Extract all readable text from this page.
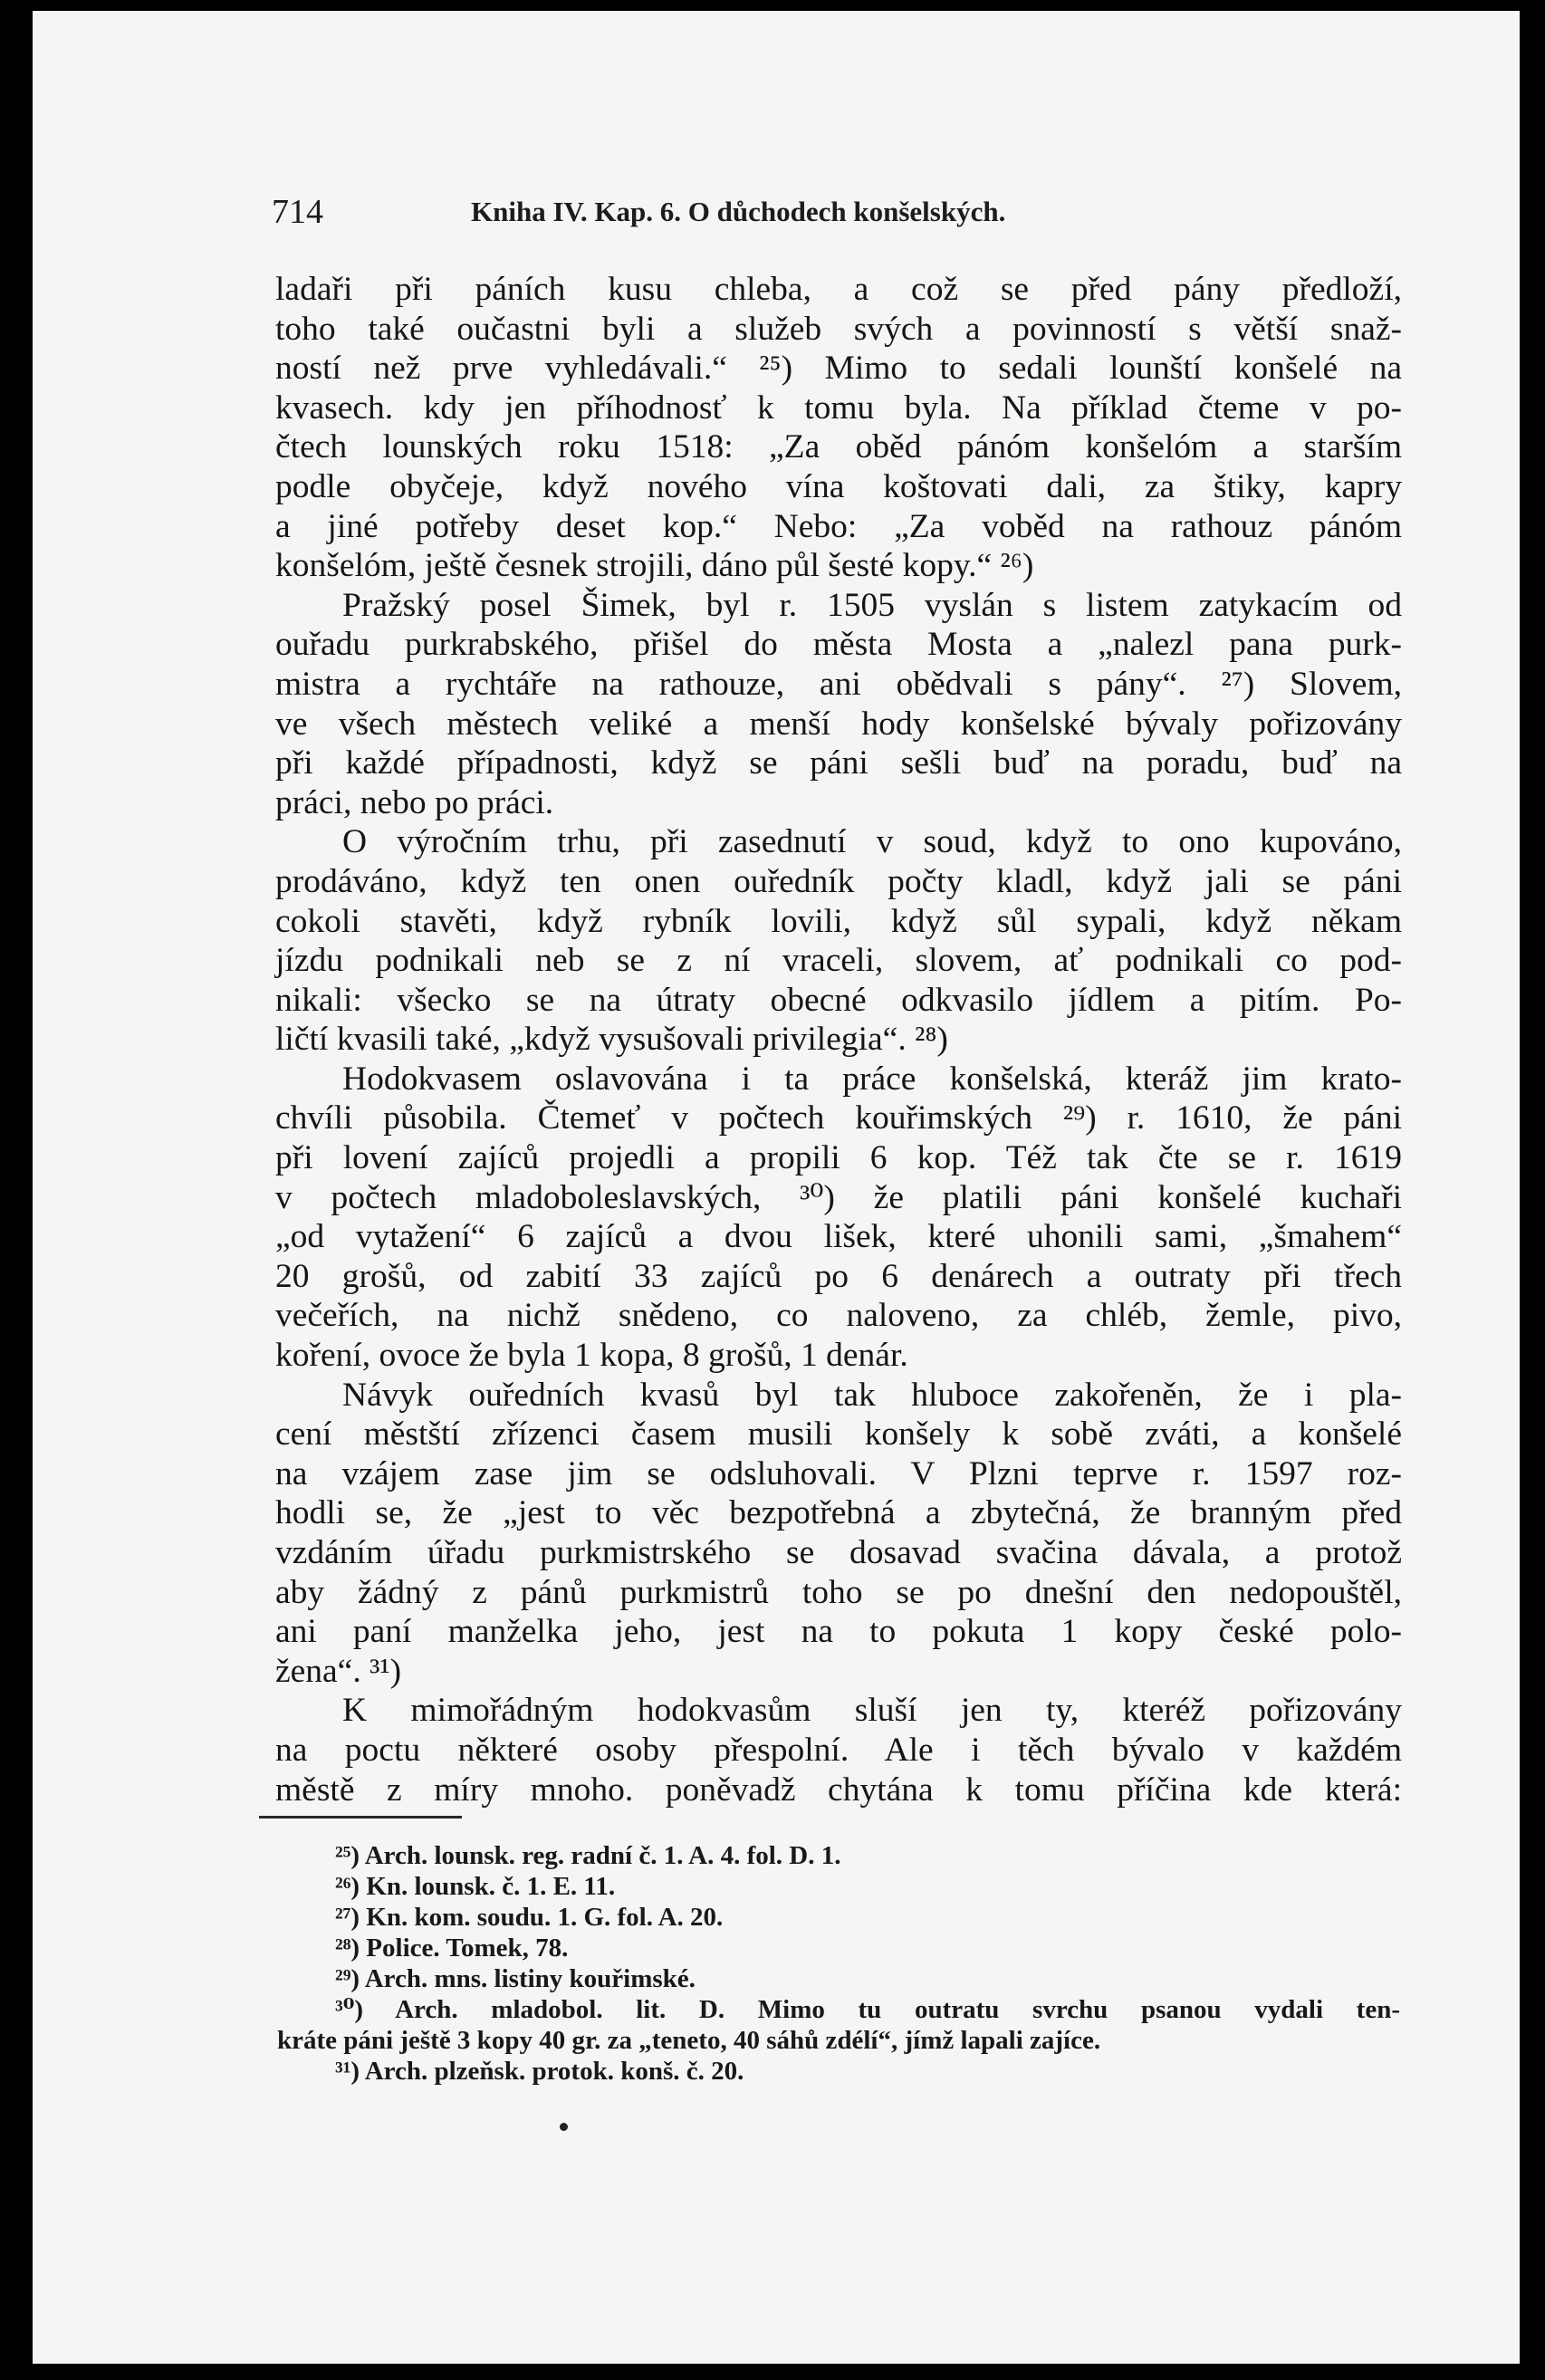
714	Kniha IV. Kap. 6. O důchodech konšelských.
ladaři při páních kusu chleba, a což se před pány předloží,
toho také oučastni byli a služeb svých a povinností s větší snaž-
ností než prve vyhledávali.“ ²⁵) Mimo to sedali lounští konšelé na
kvasech. kdy jen příhodnosť k tomu byla. Na příklad čteme v po-
čtech lounských roku 1518: „Za oběd pánóm konšelóm a starším
podle obyčeje, když nového vína koštovati dali, za štiky, kapry
a jiné potřeby deset kop.“ Nebo: „Za voběd na rathouz pánóm
konšelóm, ještě česnek strojili, dáno půl šesté kopy.“ ²⁶)
Pražský posel Šimek, byl r. 1505 vyslán s listem zatykacím od
ouřadu purkrabského, přišel do města Mosta a „nalezl pana purk-
mistra a rychtáře na rathouze, ani obědvali s pány“. ²⁷) Slovem,
ve všech městech veliké a menší hody konšelské bývaly pořizovány
při každé případnosti, když se páni sešli buď na poradu, buď na
práci, nebo po práci.
O výročním trhu, při zasednutí v soud, když to ono kupováno,
prodáváno, když ten onen ouředník počty kladl, když jali se páni
cokoli stavěti, když rybník lovili, když sůl sypali, když někam
jízdu podnikali neb se z ní vraceli, slovem, ať podnikali co pod-
nikali: všecko se na útraty obecné odkvasilo jídlem a pitím. Po-
ličtí kvasili také, „když vysušovali privilegia“. ²⁸)
Hodokvasem oslavována i ta práce konšelská, kteráž jim krato-
chvíli působila. Čtemeť v počtech kouřimských ²⁹) r. 1610, že páni
při lovení zajíců projedli a propili 6 kop. Též tak čte se r. 1619
v počtech mladoboleslavských, ³⁰) že platili páni konšelé kuchaři
„od vytažení“ 6 zajíců a dvou lišek, které uhonili sami, „šmahem“
20 grošů, od zabití 33 zajíců po 6 denárech a outraty při třech
večeřích, na nichž snědeno, co naloveno, za chléb, žemle, pivo,
koření, ovoce že byla 1 kopa, 8 grošů, 1 denár.
Návyk ouředních kvasů byl tak hluboce zakořeněn, že i pla-
cení městští zřízenci časem musili konšely k sobě zváti, a konšelé
na vzájem zase jim se odsluhovali. V Plzni teprve r. 1597 roz-
hodli se, že „jest to věc bezpotřebná a zbytečná, že branným před
vzdáním úřadu purkmistrského se dosavad svačina dávala, a protož
aby žádný z pánů purkmistrů toho se po dnešní den nedopouštěl,
ani paní manželka jeho, jest na to pokuta 1 kopy české polo-
žena“. ³¹)
K mimořádným hodokvasům sluší jen ty, kteréž pořizovány
na poctu některé osoby přespolní. Ale i těch bývalo v každém
městě z míry mnoho. poněvadž chytána k tomu příčina kde která:
²⁵) Arch. lounsk. reg. radní č. 1. A. 4. fol. D. 1.
²⁶) Kn. lounsk. č. 1. E. 11.
²⁷) Kn. kom. soudu. 1. G. fol. A. 20.
²⁸) Police. Tomek, 78.
²⁹) Arch. mns. listiny kouřimské.
³⁰) Arch. mladobol. lit. D. Mimo tu outratu svrchu psanou vydali ten-
kráte páni ještě 3 kopy 40 gr. za „teneto, 40 sáhů zdélí“, jímž lapali zajíce.
³¹) Arch. plzeňsk. protok. konš. č. 20.
